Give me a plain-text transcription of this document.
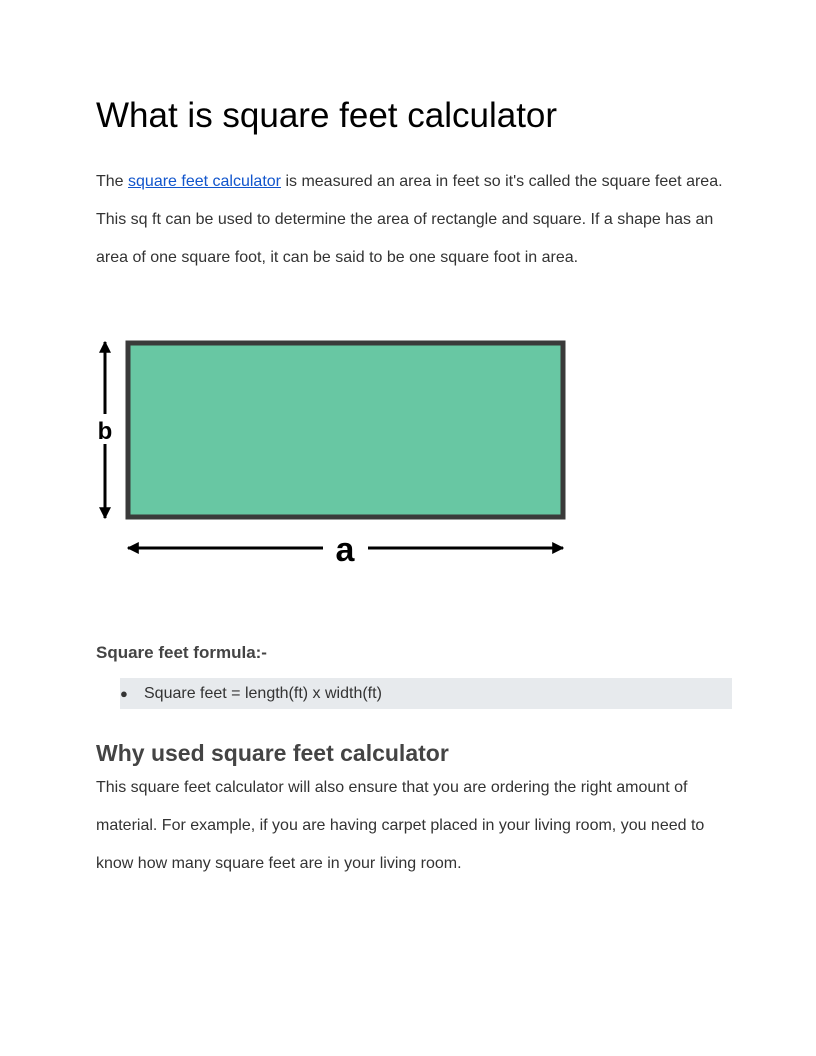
What is square feet calculator

The square feet calculator is measured an area in feet so it's called the square feet area. This sq ft can be used to determine the area of rectangle and square. If a shape has an area of one square foot, it can be said to be one square foot in area.

b
a
Square feet formula:-
● Square feet = length(ft) x width(ft)
Why used square feet calculator

This square feet calculator will also ensure that you are ordering the right amount of material. For example, if you are having carpet placed in your living room, you need to know how many square feet are in your living room.
